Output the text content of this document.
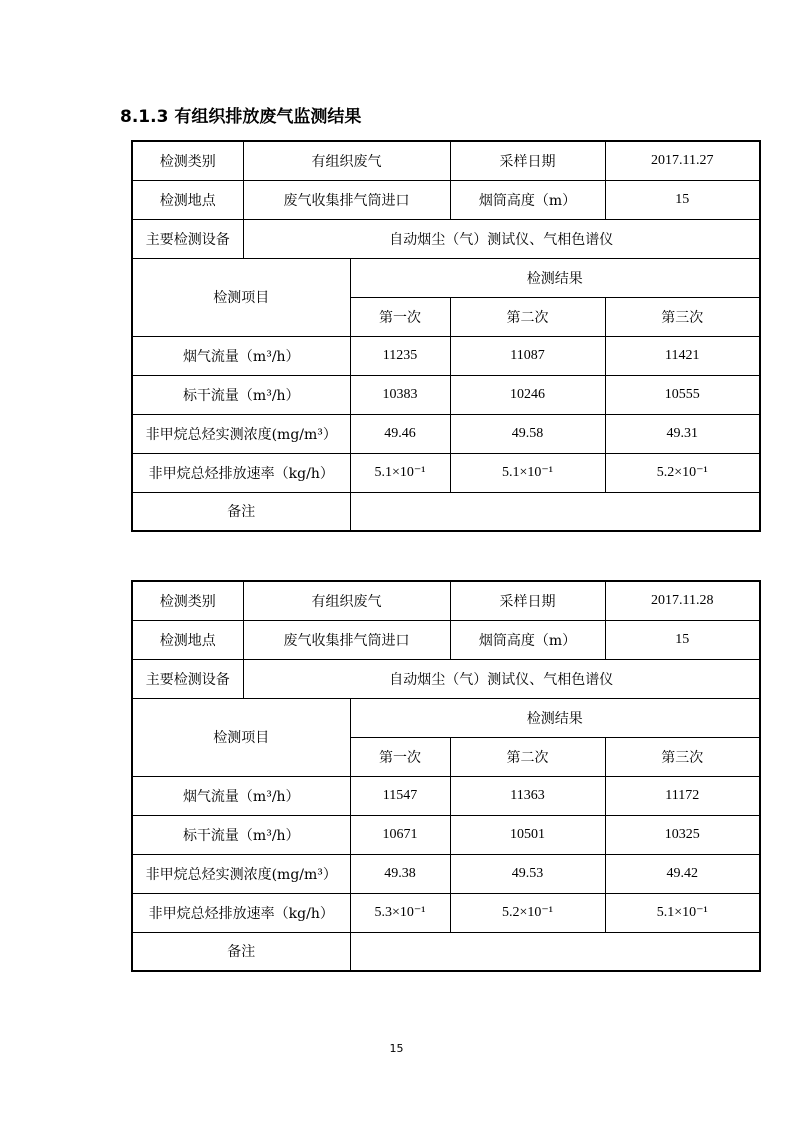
8.1.3 有组织排放废气监测结果
检测类别	有组织废气		采样日期	2017.11.27
检测地点	废气收集排气筒进口		烟筒高度（m）	15
主要检测设备	自动烟尘（气）测试仪、气相色谱仪			
检测项目		检测结果		
		第一次	第二次	第三次
烟气流量（m³/h）		11235	11087	11421
标干流量（m³/h）		10383	10246	10555
非甲烷总烃实测浓度(mg/m³）		49.46	49.58	49.31
非甲烷总烃排放速率（kg/h）		5.1×10⁻¹	5.1×10⁻¹	5.2×10⁻¹
备注				
检测类别	有组织废气		采样日期	2017.11.28
检测地点	废气收集排气筒进口		烟筒高度（m）	15
主要检测设备	自动烟尘（气）测试仪、气相色谱仪			
检测项目		检测结果		
		第一次	第二次	第三次
烟气流量（m³/h）		11547	11363	11172
标干流量（m³/h）		10671	10501	10325
非甲烷总烃实测浓度(mg/m³）		49.38	49.53	49.42
非甲烷总烃排放速率（kg/h）		5.3×10⁻¹	5.2×10⁻¹	5.1×10⁻¹
备注				
15
